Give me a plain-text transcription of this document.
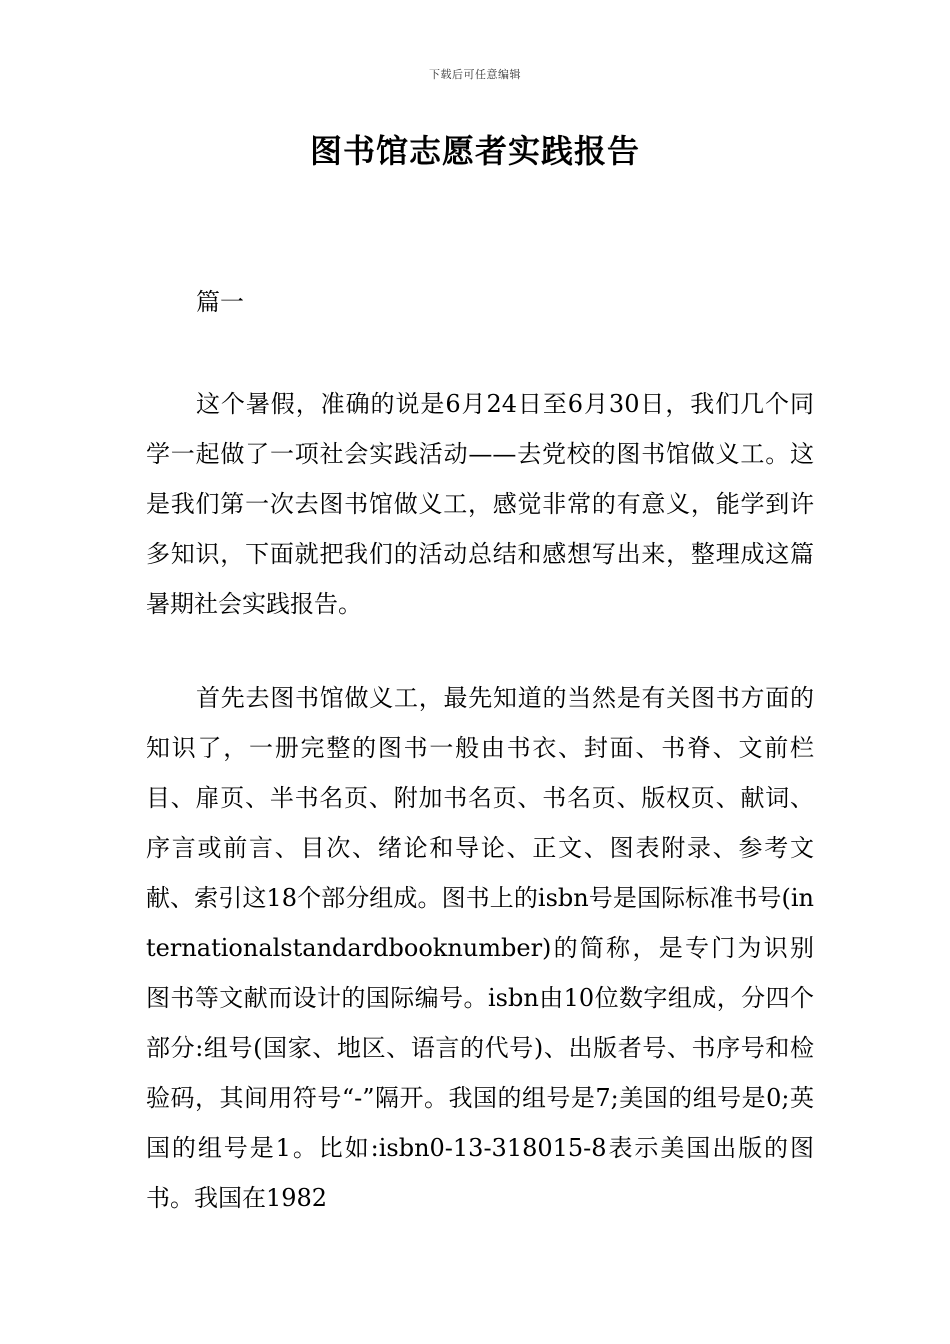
下载后可任意编辑
图书馆志愿者实践报告
篇一

这个暑假，准确的说是6月24日至6月30日，我们几个同学一起做了一项社会实践活动——去党校的图书馆做义工。这是我们第一次去图书馆做义工，感觉非常的有意义，能学到许多知识，下面就把我们的活动总结和感想写出来，整理成这篇暑期社会实践报告。

首先去图书馆做义工，最先知道的当然是有关图书方面的知识了，一册完整的图书一般由书衣、封面、书脊、文前栏目、扉页、半书名页、附加书名页、书名页、版权页、献词、序言或前言、目次、绪论和导论、正文、图表附录、参考文献、索引这18个部分组成。图书上的isbn号是国际标准书号(internationalstandardbooknumber)的简称，是专门为识别图书等文献而设计的国际编号。isbn由10位数字组成，分四个部分:组号(国家、地区、语言的代号)、出版者号、书序号和检验码，其间用符号“-”隔开。我国的组号是7;美国的组号是0;英国的组号是1。比如:isbn0-13-318015-8表示美国出版的图书。我国在1982
